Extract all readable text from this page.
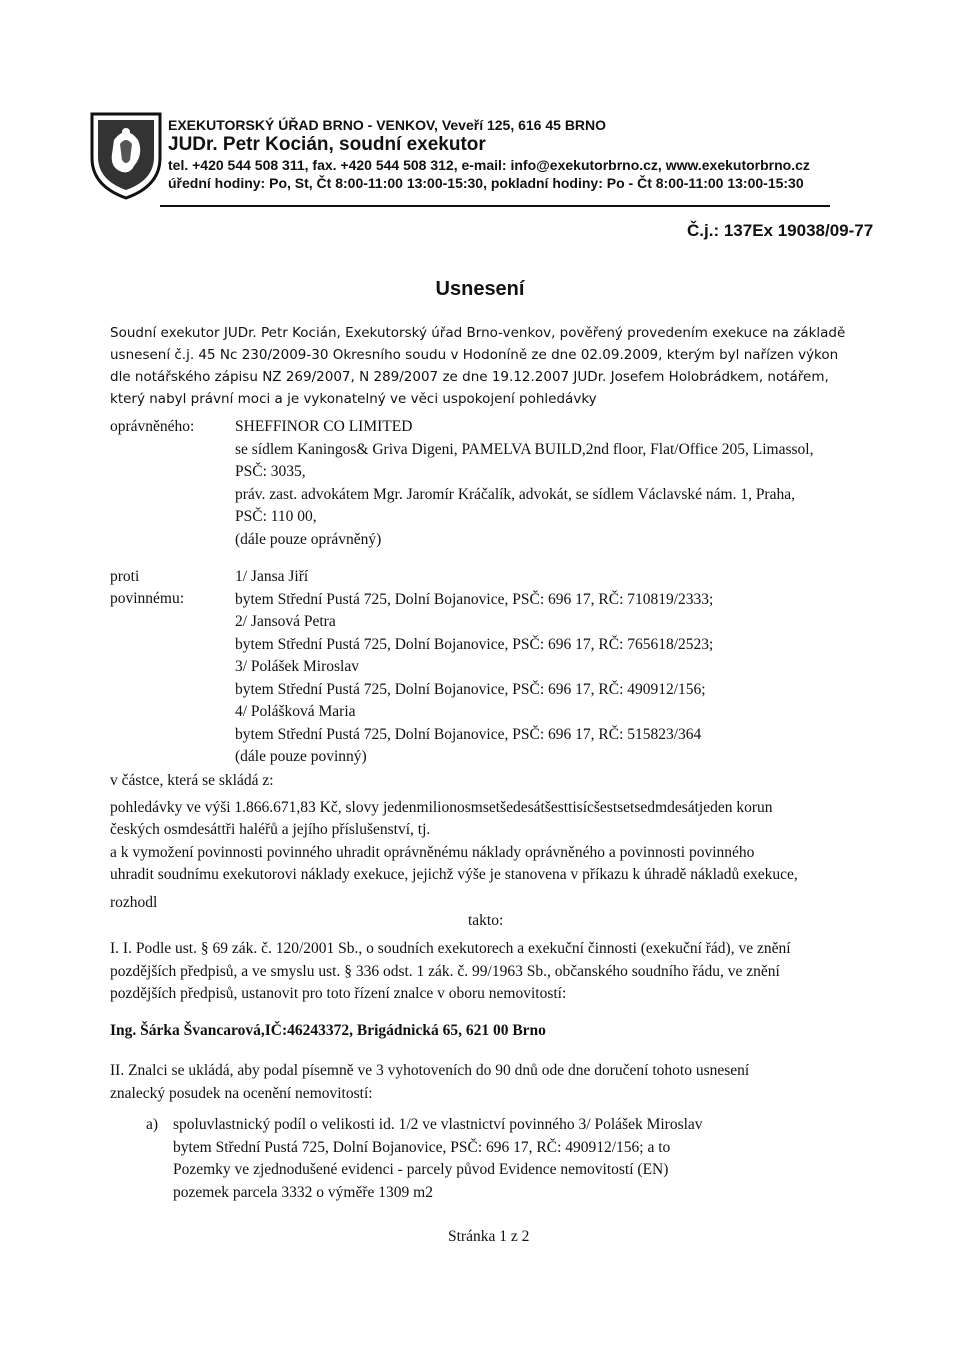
EXEKUTORSKÝ ÚŘAD BRNO - VENKOV, Veveří 125, 616 45 BRNO
JUDr. Petr Kocián, soudní exekutor
tel. +420 544 508 311, fax. +420 544 508 312, e-mail: info@exekutorbrno.cz, www.exekutorbrno.cz
úřední hodiny: Po, St, Čt 8:00-11:00 13:00-15:30, pokladní hodiny: Po - Čt 8:00-11:00 13:00-15:30
Č.j.: 137Ex 19038/09-77
Usnesení
Soudní exekutor JUDr. Petr Kocián, Exekutorský úřad Brno-venkov, pověřený provedením exekuce na základě
usnesení č.j. 45 Nc 230/2009-30 Okresního soudu v Hodoníně ze dne 02.09.2009, kterým byl nařízen výkon
dle notářského zápisu NZ 269/2007, N 289/2007 ze dne 19.12.2007 JUDr. Josefem Holobrádkem, notářem,
který nabyl právní moci a je vykonatelný ve věci uspokojení pohledávky
oprávněného:	SHEFFINOR CO LIMITED
se sídlem Kaningos& Griva Digeni, PAMELVA BUILD,2nd floor, Flat/Office 205, Limassol,
PSČ: 3035,
práv. zast. advokátem Mgr. Jaromír Kráčalík, advokát, se sídlem Václavské nám. 1, Praha,
PSČ: 110 00,
(dále pouze oprávněný)
proti
povinnému:
1/ Jansa Jiří
bytem Střední Pustá 725, Dolní Bojanovice, PSČ: 696 17, RČ: 710819/2333;
2/ Jansová Petra
bytem Střední Pustá 725, Dolní Bojanovice, PSČ: 696 17, RČ: 765618/2523;
3/ Polášek Miroslav
bytem Střední Pustá 725, Dolní Bojanovice, PSČ: 696 17, RČ: 490912/156;
4/ Polášková Maria
bytem Střední Pustá 725, Dolní Bojanovice, PSČ: 696 17, RČ: 515823/364
(dále pouze povinný)
v částce, která se skládá z:
pohledávky ve výši 1.866.671,83 Kč, slovy jedenmilionosmsetšedesátšesttisícšestsetsedmdesátjeden korun
českých osmdesáttři haléřů a jejího příslušenství, tj.
a k vymožení povinnosti povinného uhradit oprávněnému náklady oprávněného a povinnosti povinného
uhradit soudnímu exekutorovi náklady exekuce, jejichž výše je stanovena v příkazu k úhradě nákladů exekuce,
rozhodl
takto:
I. I. Podle ust. § 69 zák. č. 120/2001 Sb., o soudních exekutorech a exekuční činnosti (exekuční řád), ve znění
pozdějších předpisů, a ve smyslu ust. § 336 odst. 1 zák. č. 99/1963 Sb., občanského soudního řádu, ve znění
pozdějších předpisů, ustanovit pro toto řízení znalce v oboru nemovitostí:
Ing. Šárka Švancarová,IČ:46243372, Brigádnická 65, 621 00 Brno
II. Znalci se ukládá, aby podal písemně ve 3 vyhotoveních do 90 dnů ode dne doručení tohoto usnesení
znalecký posudek na ocenění nemovitostí:
a) spoluvlastnický podíl o velikosti id. 1/2 ve vlastnictví povinného 3/ Polášek Miroslav
bytem Střední Pustá 725, Dolní Bojanovice, PSČ: 696 17, RČ: 490912/156; a to
Pozemky ve zjednodušené evidenci - parcely původ Evidence nemovitostí (EN)
pozemek parcela 3332 o výměře 1309 m2
Stránka 1 z 2
